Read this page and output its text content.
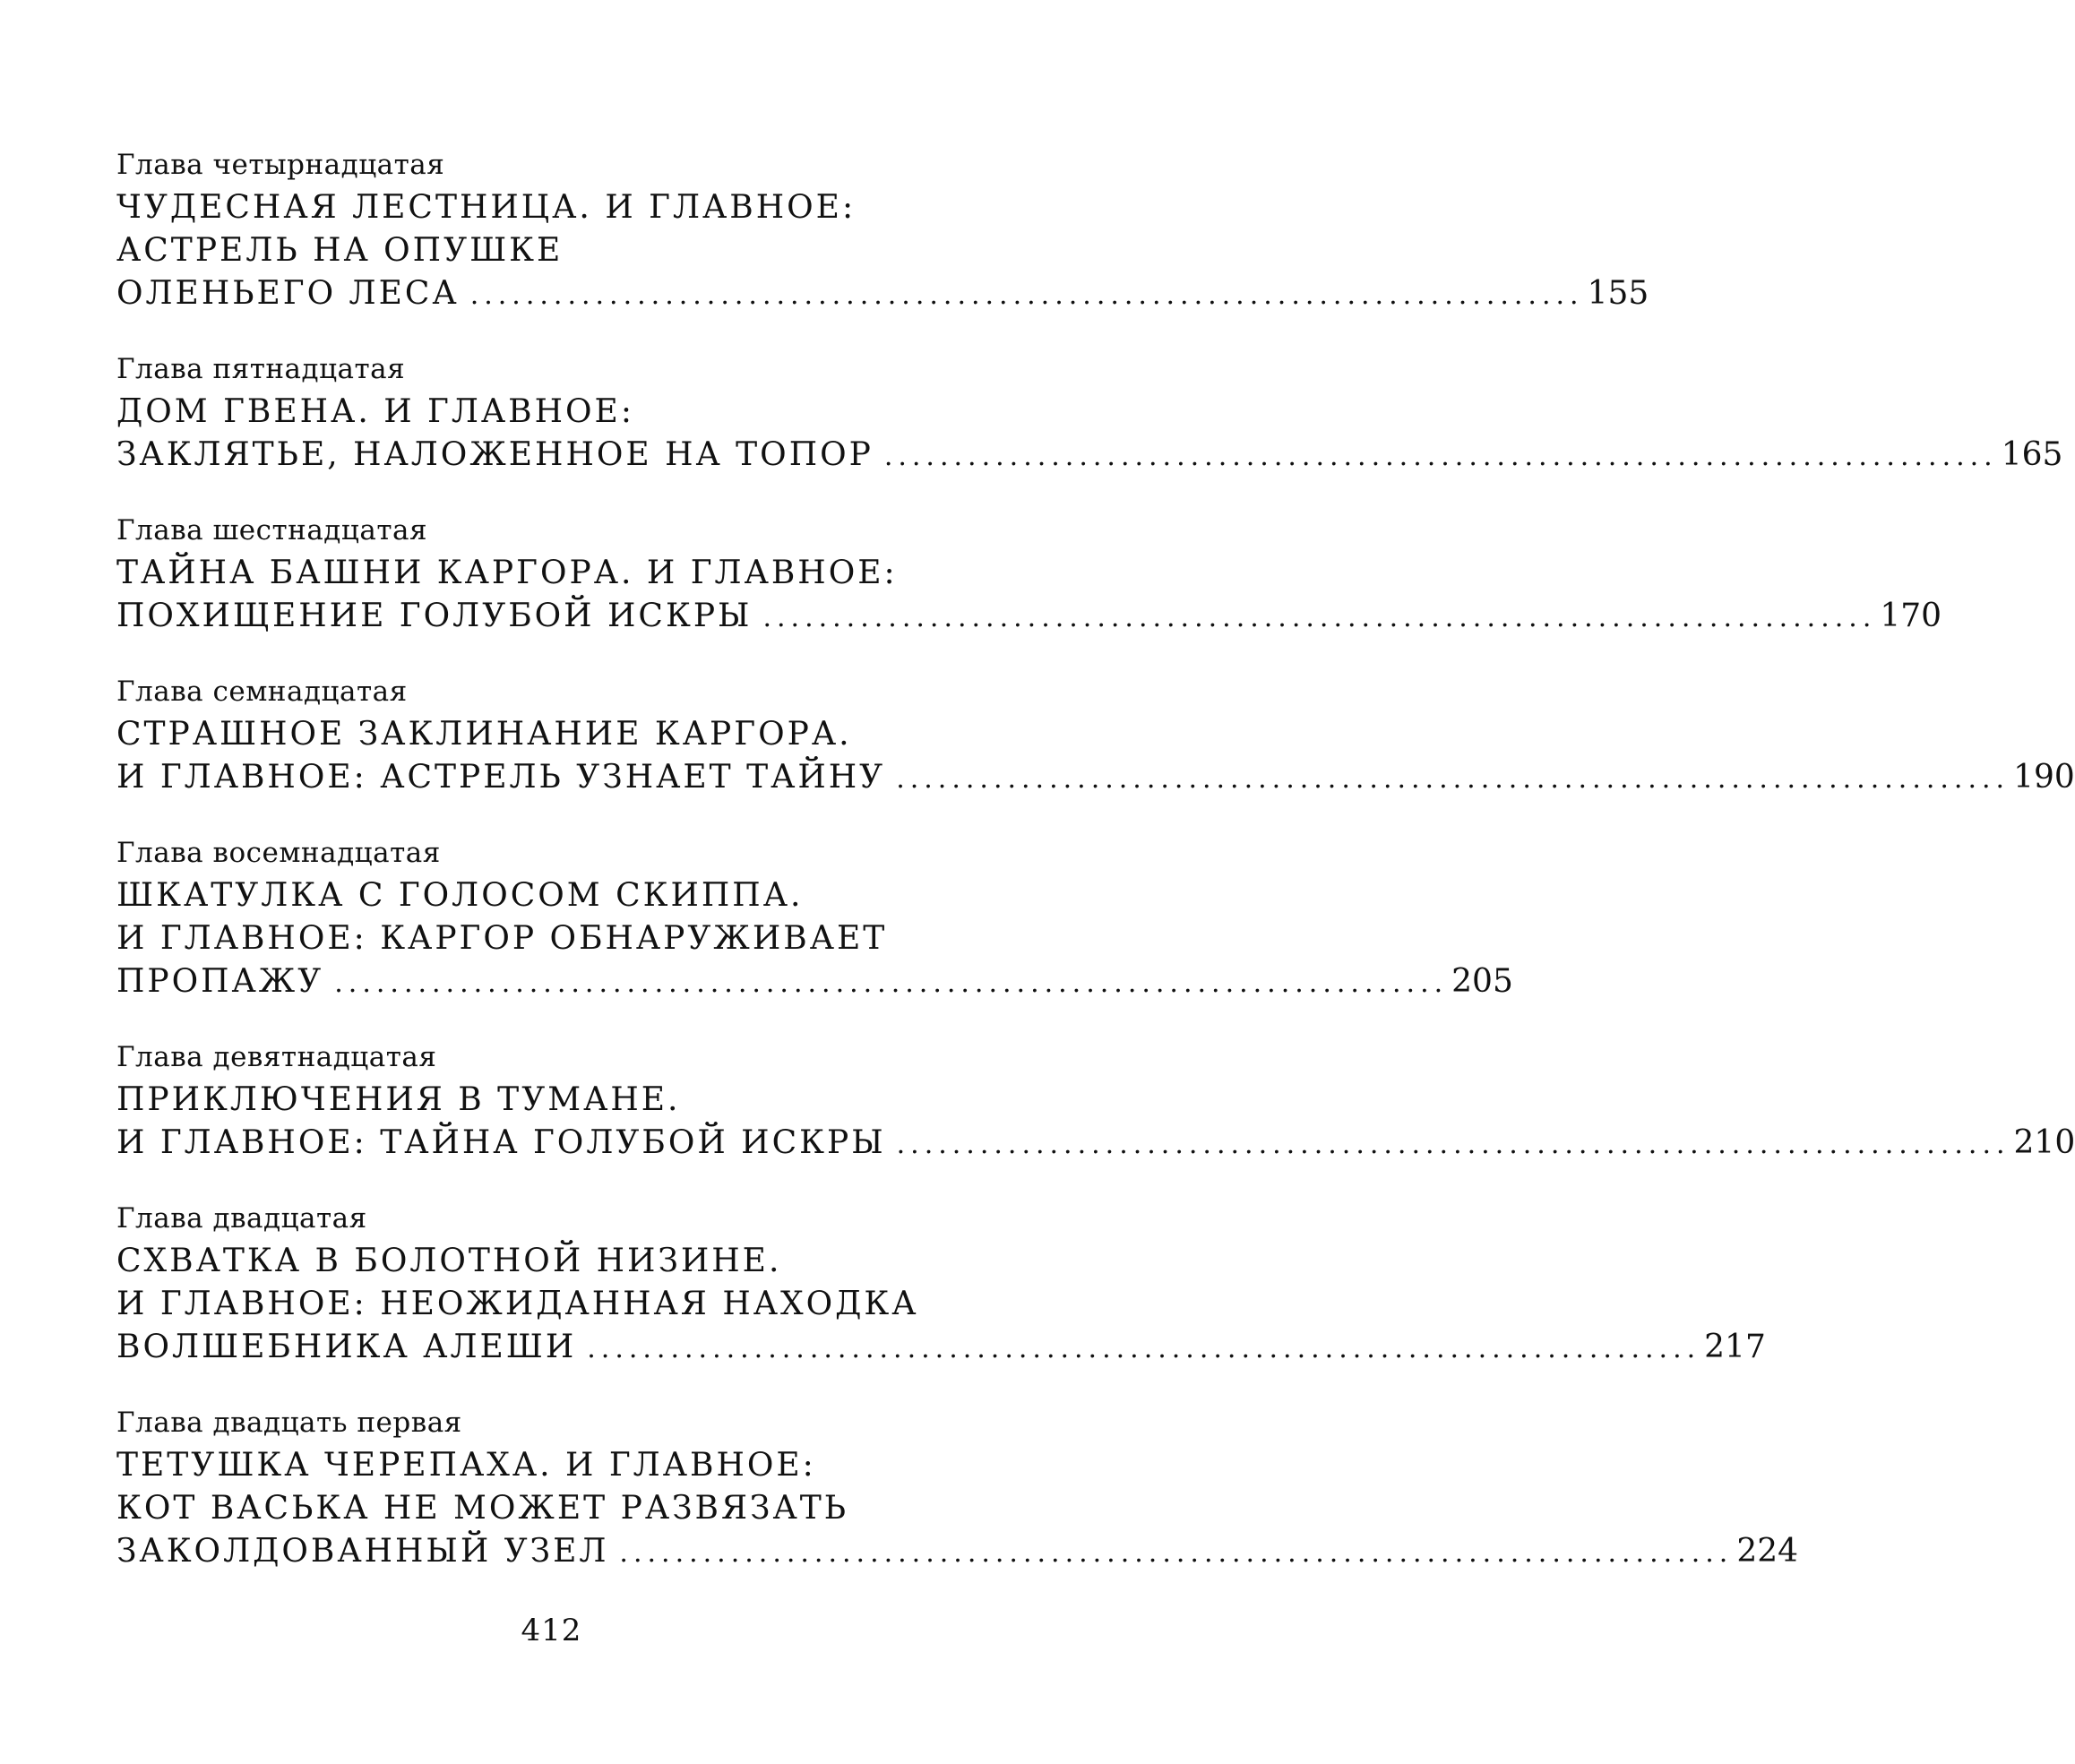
Глава четырнадцатая
ЧУДЕСНАЯ ЛЕСТНИЦА. И ГЛАВНОЕ:
АСТРЕЛЬ НА ОПУШКЕ
ОЛЕНЬЕГО ЛЕСА ................................................................................ 155
Глава пятнадцатая
ДОМ ГВЕНА. И ГЛАВНОЕ:
ЗАКЛЯТЬЕ, НАЛОЖЕННОЕ НА ТОПОР ................................................................................ 165
Глава шестнадцатая
ТАЙНА БАШНИ КАРГОРА. И ГЛАВНОЕ:
ПОХИЩЕНИЕ ГОЛУБОЙ ИСКРЫ ................................................................................ 170
Глава семнадцатая
СТРАШНОЕ ЗАКЛИНАНИЕ КАРГОРА.
И ГЛАВНОЕ: АСТРЕЛЬ УЗНАЕТ ТАЙНУ ................................................................................ 190
Глава восемнадцатая
ШКАТУЛКА С ГОЛОСОМ СКИППА.
И ГЛАВНОЕ: КАРГОР ОБНАРУЖИВАЕТ
ПРОПАЖУ ................................................................................ 205
Глава девятнадцатая
ПРИКЛЮЧЕНИЯ В ТУМАНЕ.
И ГЛАВНОЕ: ТАЙНА ГОЛУБОЙ ИСКРЫ ................................................................................ 210
Глава двадцатая
СХВАТКА В БОЛОТНОЙ НИЗИНЕ.
И ГЛАВНОЕ: НЕОЖИДАННАЯ НАХОДКА
ВОЛШЕБНИКА АЛЕШИ ................................................................................ 217
Глава двадцать первая
ТЕТУШКА ЧЕРЕПАХА. И ГЛАВНОЕ:
КОТ ВАСЬКА НЕ МОЖЕТ РАЗВЯЗАТЬ
ЗАКОЛДОВАННЫЙ УЗЕЛ ................................................................................ 224
412
